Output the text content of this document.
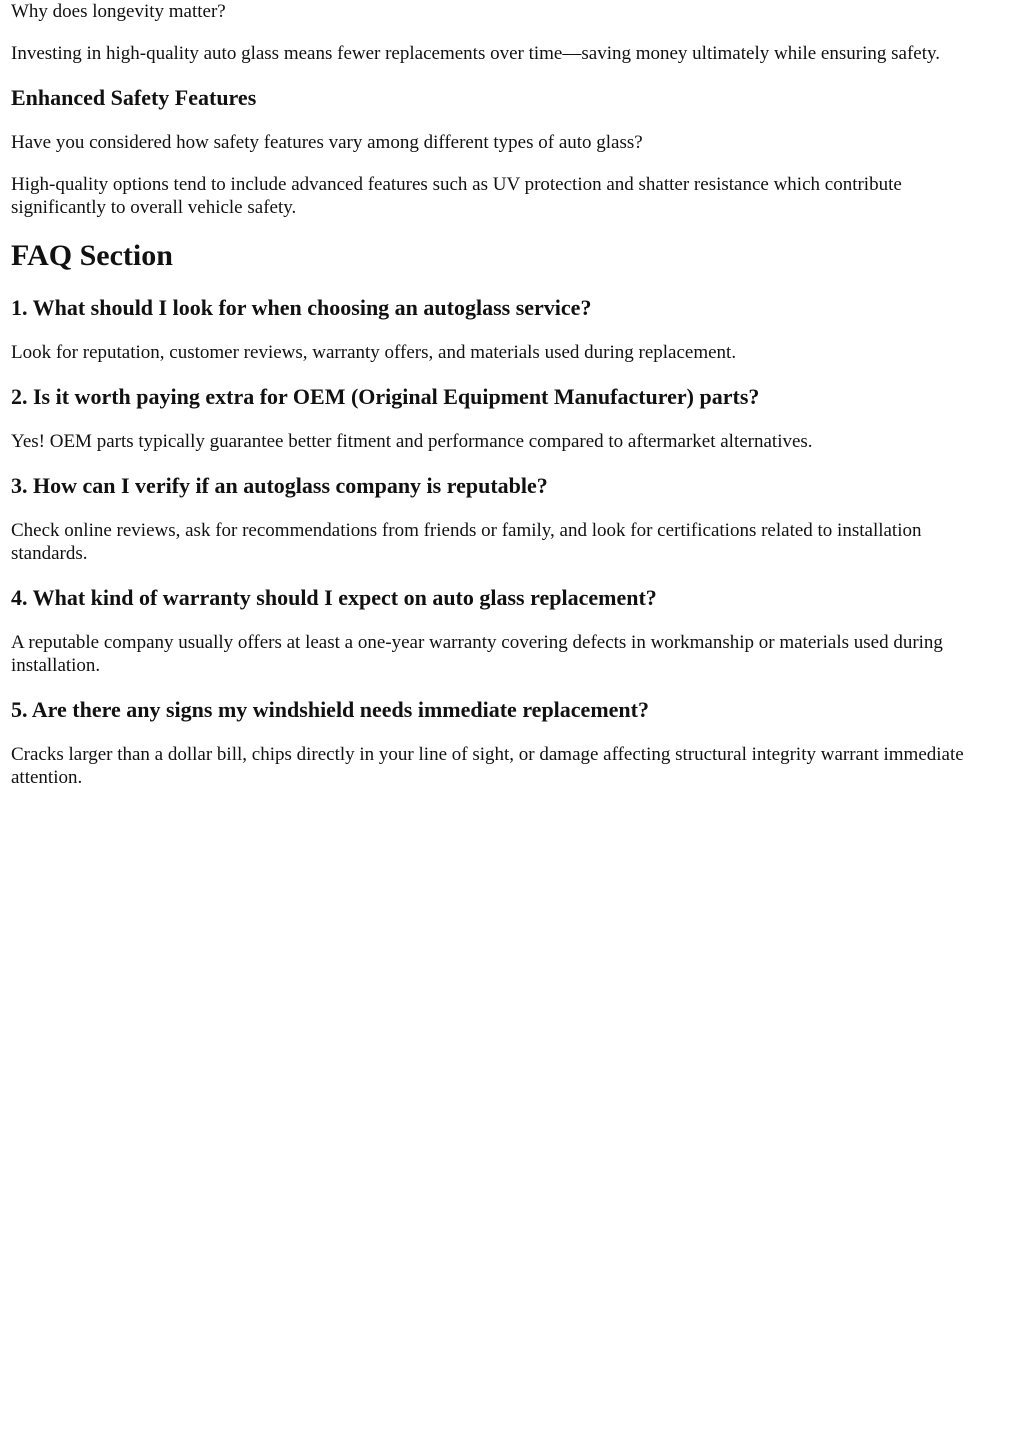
Why does longevity matter?

Investing in high-quality auto glass means fewer replacements over time—saving money ultimately while ensuring safety.

Enhanced Safety Features

Have you considered how safety features vary among different types of auto glass?

High-quality options tend to include advanced features such as UV protection and shatter resistance which contribute significantly to overall vehicle safety.

FAQ Section
1. What should I look for when choosing an autoglass service?

Look for reputation, customer reviews, warranty offers, and materials used during replacement.

2. Is it worth paying extra for OEM (Original Equipment Manufacturer) parts?

Yes! OEM parts typically guarantee better fitment and performance compared to aftermarket alternatives.

3. How can I verify if an autoglass company is reputable?

Check online reviews, ask for recommendations from friends or family, and look for certifications related to installation standards.

4. What kind of warranty should I expect on auto glass replacement?

A reputable company usually offers at least a one-year warranty covering defects in workmanship or materials used during installation.

5. Are there any signs my windshield needs immediate replacement?

Cracks larger than a dollar bill, chips directly in your line of sight, or damage affecting structural integrity warrant immediate attention.
